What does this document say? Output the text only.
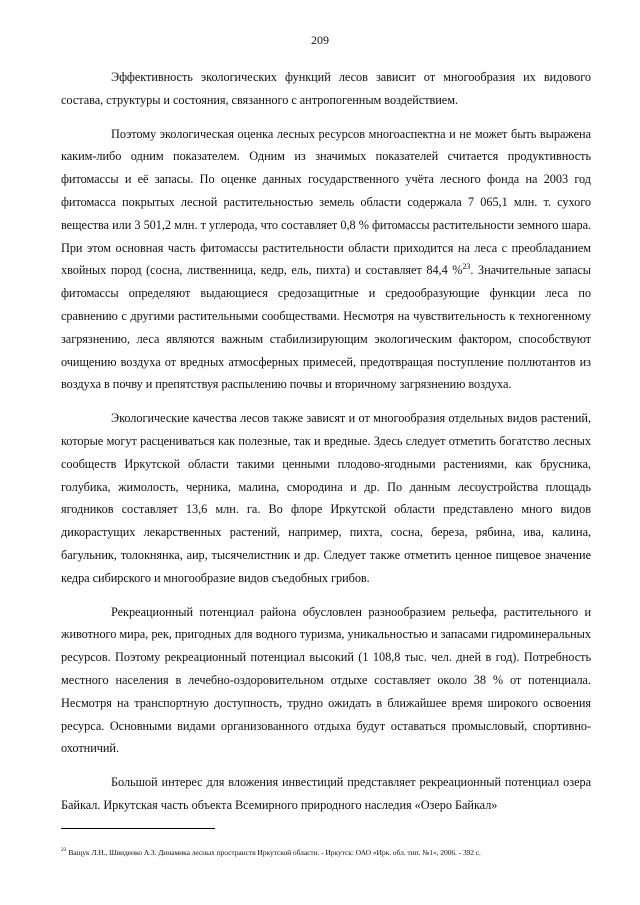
209

Эффективность экологических функций лесов зависит от многообразия их видового состава, структуры и состояния, связанного с антропогенным воздействием.

Поэтому экологическая оценка лесных ресурсов многоаспектна и не может быть выражена каким-либо одним показателем. Одним из значимых показателей считается продуктивность фитомассы и её запасы. По оценке данных государственного учёта лесного фонда на 2003 год фитомасса покрытых лесной растительностью земель области содержала 7 065,1 млн. т. сухого вещества или 3 501,2 млн. т углерода, что составляет 0,8 % фитомассы растительности земного шара. При этом основная часть фитомассы растительности области приходится на леса с преобладанием хвойных пород (сосна, лиственница, кедр, ель, пихта) и составляет 84,4 %$^{23}$. Значительные запасы фитомассы определяют выдающиеся средозащитные и средообразующие функции леса по сравнению с другими растительными сообществами. Несмотря на чувствительность к техногенному загрязнению, леса являются важным стабилизирующим экологическим фактором, способствуют очищению воздуха от вредных атмосферных примесей, предотвращая поступление поллютантов из воздуха в почву и препятствуя распылению почвы и вторичному загрязнению воздуха.

Экологические качества лесов также зависят и от многообразия отдельных видов растений, которые могут расцениваться как полезные, так и вредные. Здесь следует отметить богатство лесных сообществ Иркутской области такими ценными плодово-ягодными растениями, как брусника, голубика, жимолость, черника, малина, смородина и др. По данным лесоустройства площадь ягодников составляет 13,6 млн. га. Во флоре Иркутской области представлено много видов дикорастущих лекарственных растений, например, пихта, сосна, береза, рябина, ива, калина, багульник, толокнянка, аир, тысячелистник и др. Следует также отметить ценное пищевое значение кедра сибирского и многообразие видов съедобных грибов.

Рекреационный потенциал района обусловлен разнообразием рельефа, растительного и животного мира, рек, пригодных для водного туризма, уникальностью и запасами гидроминеральных ресурсов. Поэтому рекреационный потенциал высокий (1 108,8 тыс. чел. дней в год). Потребность местного населения в лечебно-оздоровительном отдыхе составляет около 38 % от потенциала. Несмотря на транспортную доступность, трудно ожидать в ближайшее время широкого освоения ресурса. Основными видами организованного отдыха будут оставаться промысловый, спортивно-охотничий.

Большой интерес для вложения инвестиций представляет рекреационный потенциал озера Байкал. Иркутская часть объекта Всемирного природного наследия «Озеро Байкал»

$^{23}$ Ващук Л.Н., Швиденко А.З. Динамика лесных пространств Иркутской области. - Иркутск: ОАО «Ирк. обл. тип. №1», 2006. - 392 с.
